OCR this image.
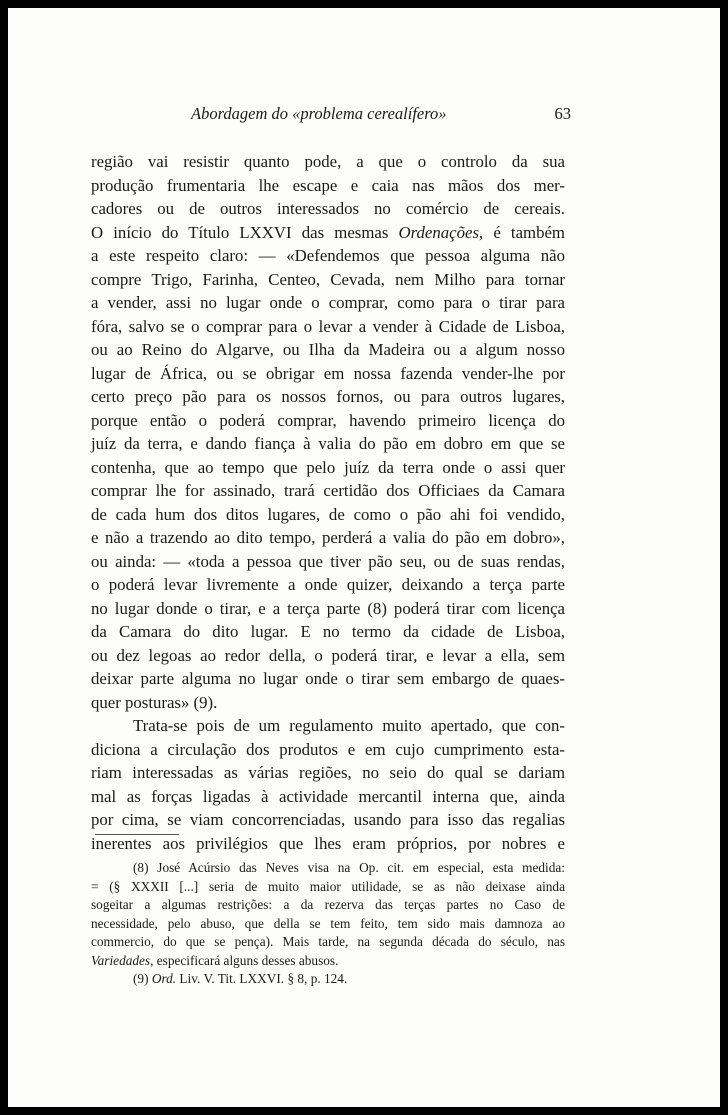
Abordagem do «problema cerealífero»	63
região vai resistir quanto pode, a que o controlo da sua
produção frumentaria lhe escape e caia nas mãos dos mer-
cadores ou de outros interessados no comércio de cereais.
O início do Título LXXVI das mesmas Ordenações, é também
a este respeito claro: — «Defendemos que pessoa alguma não
compre Trigo, Farinha, Centeo, Cevada, nem Milho para tornar
a vender, assi no lugar onde o comprar, como para o tirar para
fóra, salvo se o comprar para o levar a vender à Cidade de Lisboa,
ou ao Reino do Algarve, ou Ilha da Madeira ou a algum nosso
lugar de África, ou se obrigar em nossa fazenda vender-lhe por
certo preço pão para os nossos fornos, ou para outros lugares,
porque então o poderá comprar, havendo primeiro licença do
juíz da terra, e dando fiança à valia do pão em dobro em que se
contenha, que ao tempo que pelo juíz da terra onde o assi quer
comprar lhe for assinado, trará certidão dos Officiaes da Camara
de cada hum dos ditos lugares, de como o pão ahi foi vendido,
e não a trazendo ao dito tempo, perderá a valia do pão em dobro»,
ou ainda: — «toda a pessoa que tiver pão seu, ou de suas rendas,
o poderá levar livremente a onde quizer, deixando a terça parte
no lugar donde o tirar, e a terça parte (8) poderá tirar com licença
da Camara do dito lugar. E no termo da cidade de Lisboa,
ou dez legoas ao redor della, o poderá tirar, e levar a ella, sem
deixar parte alguma no lugar onde o tirar sem embargo de quaes-
quer posturas» (9).
Trata-se pois de um regulamento muito apertado, que con-
diciona a circulação dos produtos e em cujo cumprimento esta-
riam interessadas as várias regiões, no seio do qual se dariam
mal as forças ligadas à actividade mercantil interna que, ainda
por cima, se viam concorrenciadas, usando para isso das regalias
inerentes aos privilégios que lhes eram próprios, por nobres e
(8) José Acúrsio das Neves visa na Op. cit. em especial, esta medida:
= (§ XXXII [...] seria de muito maior utilidade, se as não deixase ainda
sogeitar a algumas restrições: a da rezerva das terças partes no Caso de
necessidade, pelo abuso, que della se tem feito, tem sido mais damnoza ao
commercio, do que se pença). Mais tarde, na segunda década do século, nas
Variedades, especificará alguns desses abusos.
(9) Ord. Liv. V. Tit. LXXVI. § 8, p. 124.
